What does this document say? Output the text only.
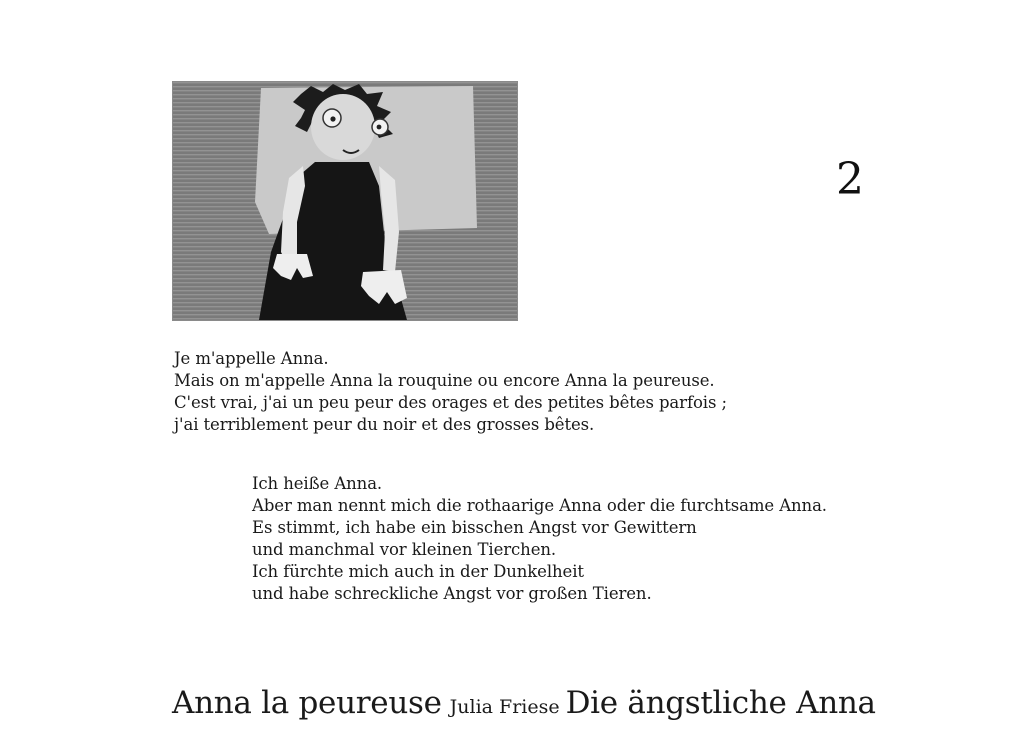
2
Je m'appelle Anna.
Mais on m'appelle Anna la rouquine ou encore Anna la peureuse.
C'est vrai, j'ai un peu peur des orages et des petites bêtes parfois ;
j'ai terriblement peur du noir et des grosses bêtes.
Ich heiße Anna.
Aber man nennt mich die rothaarige Anna oder die furchtsame Anna.
Es stimmt, ich habe ein bisschen Angst vor Gewittern
und manchmal vor kleinen Tierchen.
Ich fürchte mich auch in der Dunkelheit
und habe schreckliche Angst vor großen Tieren.
Anna la peureuse Julia Friese Die ängstliche Anna
